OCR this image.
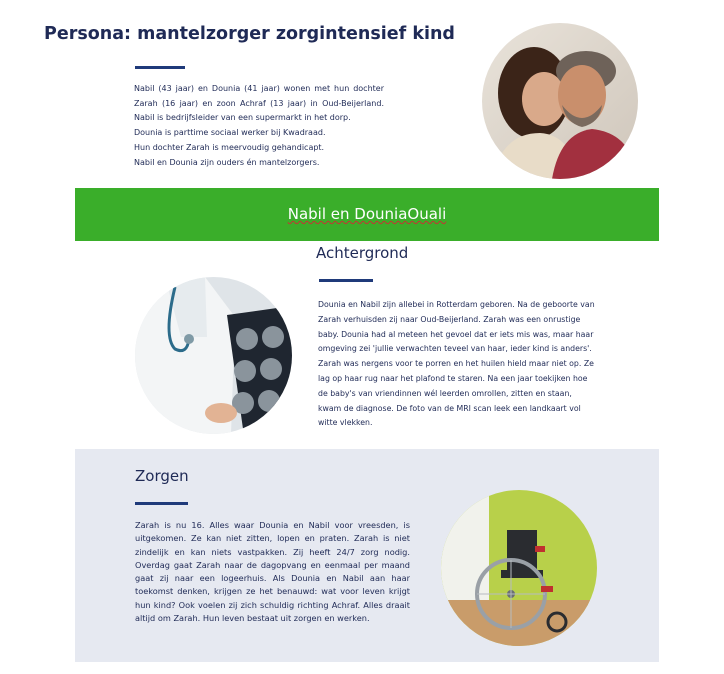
Persona: mantelzorger zorgintensief kind

Nabil (43 jaar) en Dounia (41 jaar) wonen met hun dochter Zarah (16 jaar) en zoon Achraf (13 jaar) in Oud-Beijerland. Nabil is bedrijfsleider van een supermarkt in het dorp.

Dounia is parttime sociaal werker bij Kwadraad.

Hun dochter Zarah is meervoudig gehandicapt.

Nabil en Dounia zijn ouders én mantelzorgers.

Nabil en DouniaOuali
Achtergrond
Dounia en Nabil zijn allebei in Rotterdam geboren. Na de geboorte van Zarah verhuisden zij naar Oud-Beijerland. Zarah was een onrustige baby. Dounia had al meteen het gevoel dat er iets mis was, maar haar omgeving zei 'jullie verwachten teveel van haar, ieder kind is anders'. Zarah was nergens voor te porren en het huilen hield maar niet op. Ze lag op haar rug naar het plafond te staren. Na een jaar toekijken hoe de baby's van vriendinnen wél leerden omrollen, zitten en staan, kwam de diagnose. De foto van de MRI scan leek een landkaart vol witte vlekken.
Zorgen
Zarah is nu 16. Alles waar Dounia en Nabil voor vreesden, is uitgekomen. Ze kan niet zitten, lopen en praten. Zarah is niet zindelijk en kan niets vastpakken. Zij heeft 24/7 zorg nodig. Overdag gaat Zarah naar de dagopvang en eenmaal per maand gaat zij naar een logeerhuis. Als Dounia en Nabil aan haar toekomst denken, krijgen ze het benauwd: wat voor leven krijgt hun kind? Ook voelen zij zich schuldig richting Achraf. Alles draait altijd om Zarah. Hun leven bestaat uit zorgen en werken.
